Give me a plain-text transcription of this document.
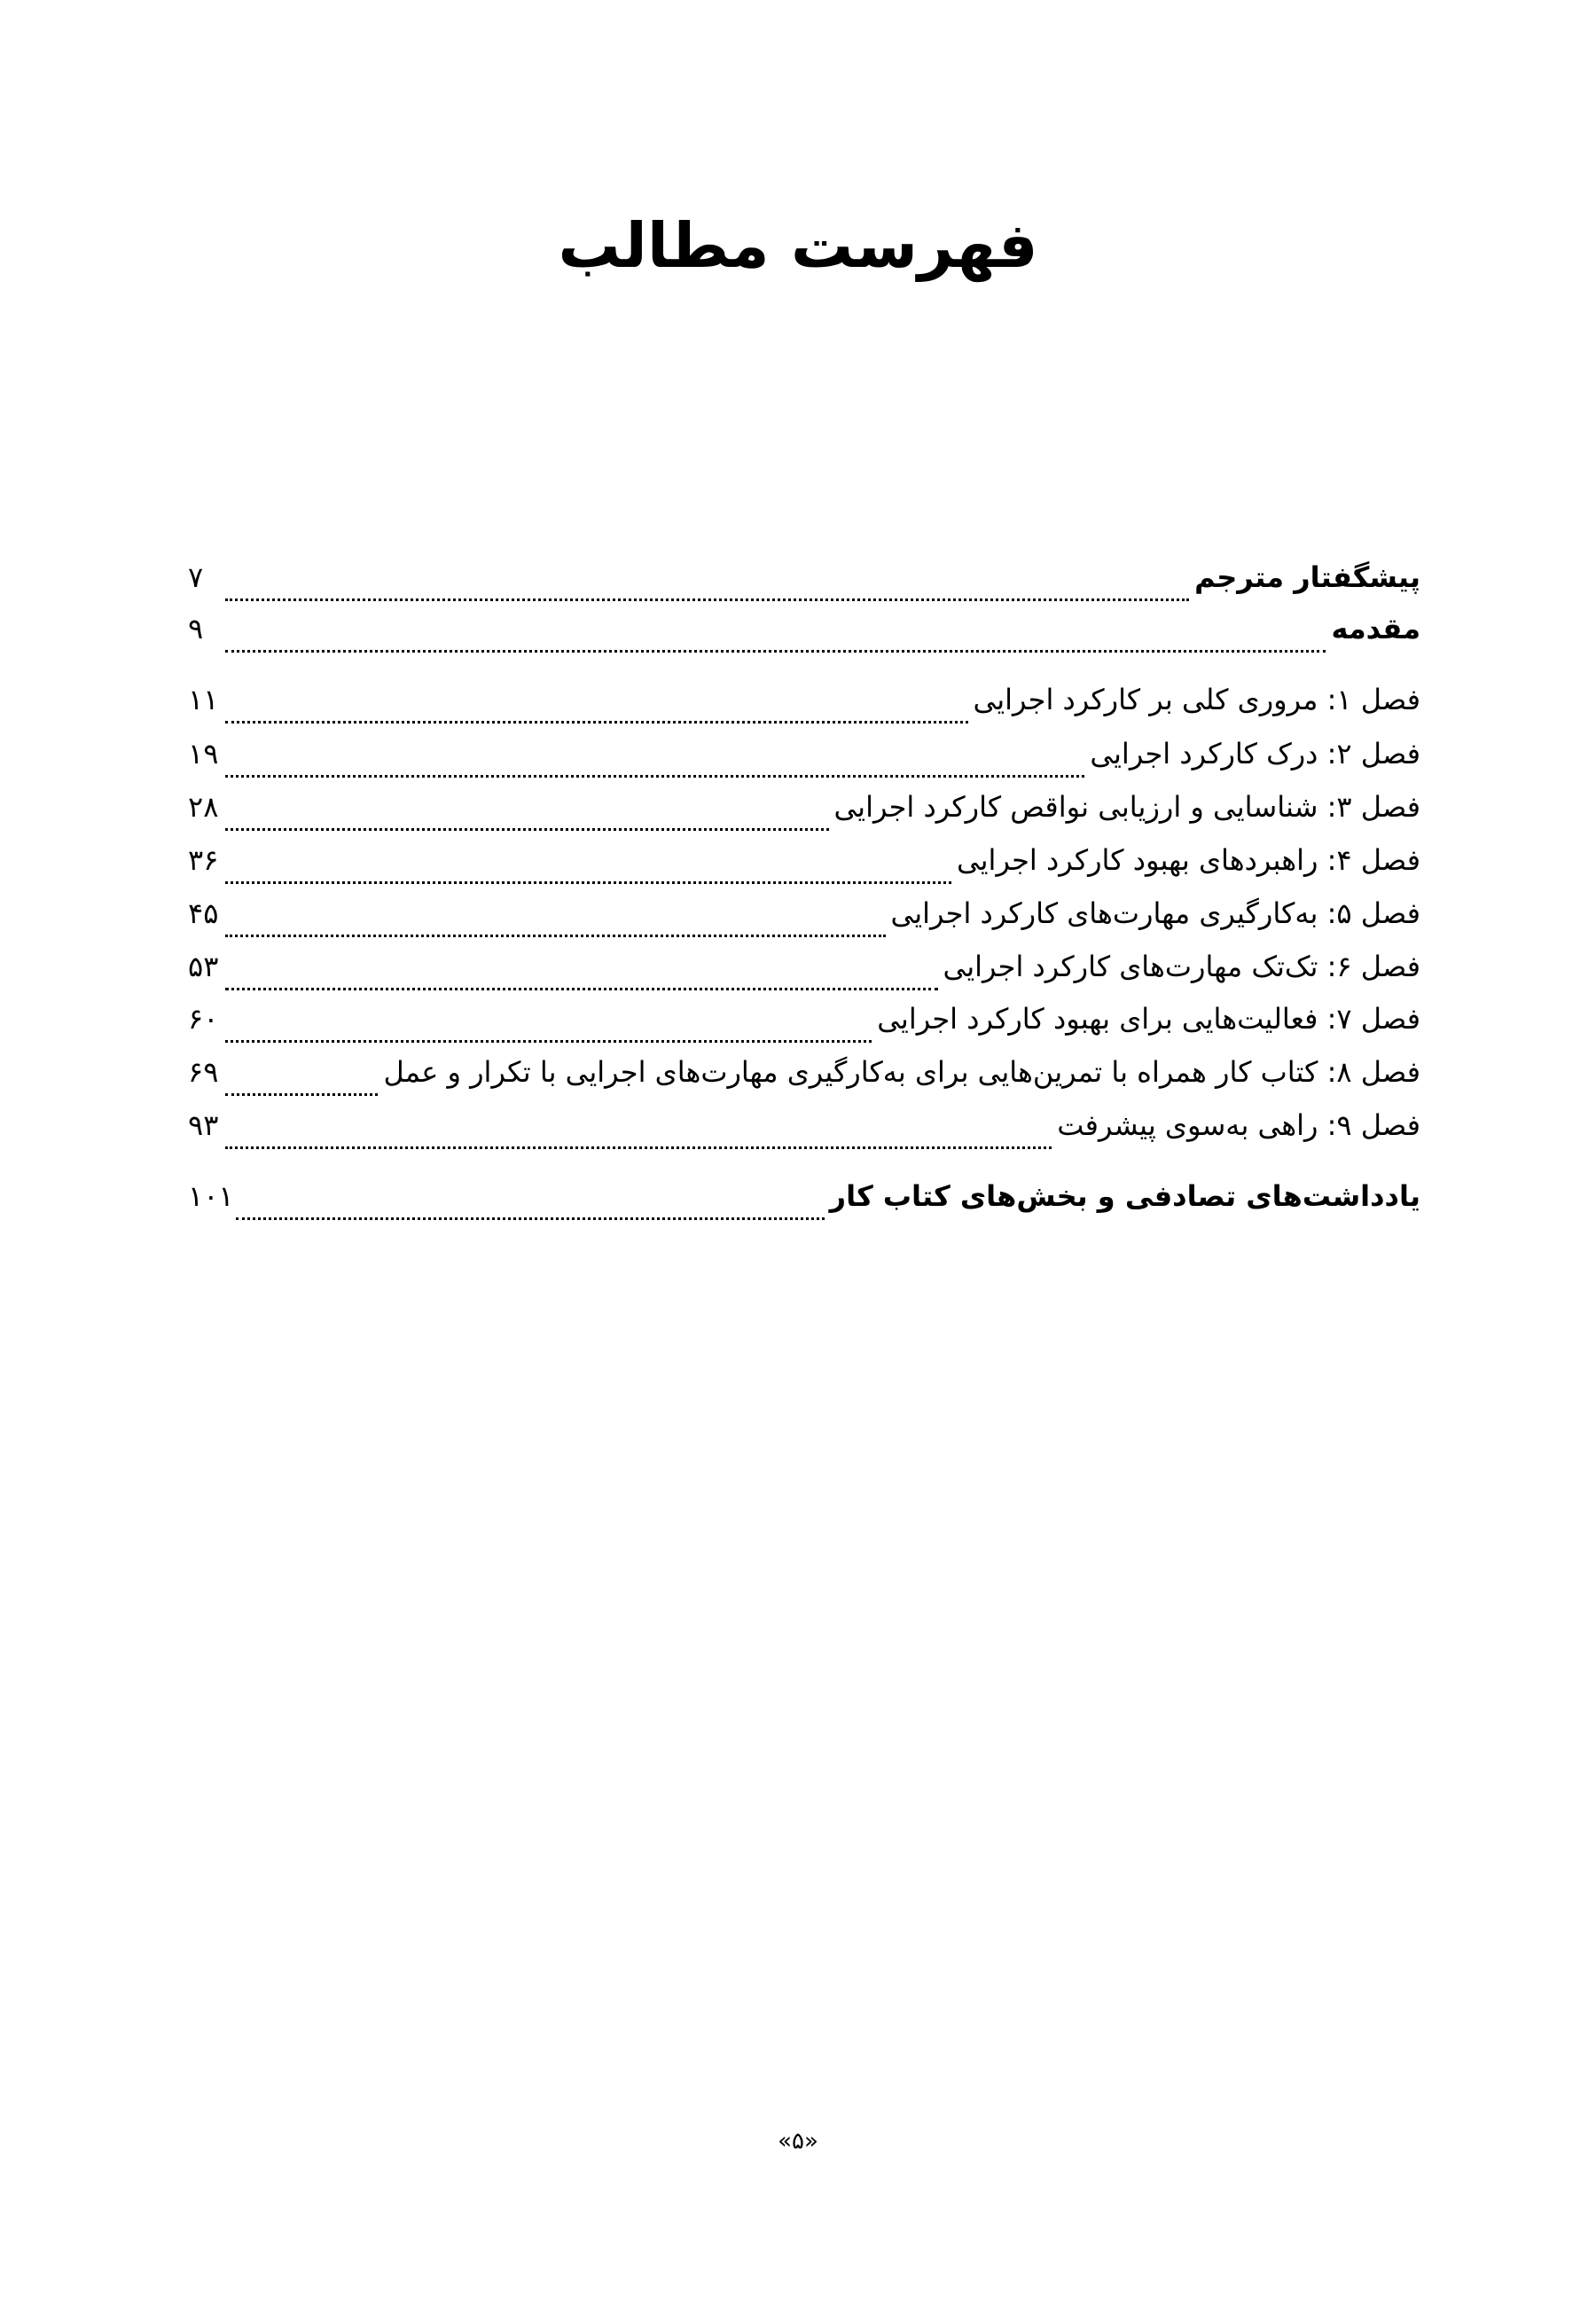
فهرست مطالب
پیشگفتار مترجم
۷
مقدمه
۹
فصل ۱: مروری کلی بر کارکرد اجرایی
۱۱
فصل ۲: درک کارکرد اجرایی
۱۹
فصل ۳: شناسایی و ارزیابی نواقص کارکرد اجرایی
۲۸
فصل ۴: راهبردهای بهبود کارکرد اجرایی
۳۶
فصل ۵: به‌کارگیری مهارت‌های کارکرد اجرایی
۴۵
فصل ۶: تک‌تک مهارت‌های کارکرد اجرایی
۵۳
فصل ۷: فعالیت‌هایی برای بهبود کارکرد اجرایی
۶۰
فصل ۸: کتاب کار همراه با تمرین‌هایی برای به‌کارگیری مهارت‌های اجرایی با تکرار و عمل
۶۹
فصل ۹: راهی به‌سوی پیشرفت
۹۳
یادداشت‌های تصادفی و بخش‌های کتاب کار
۱۰۱
«۵»
